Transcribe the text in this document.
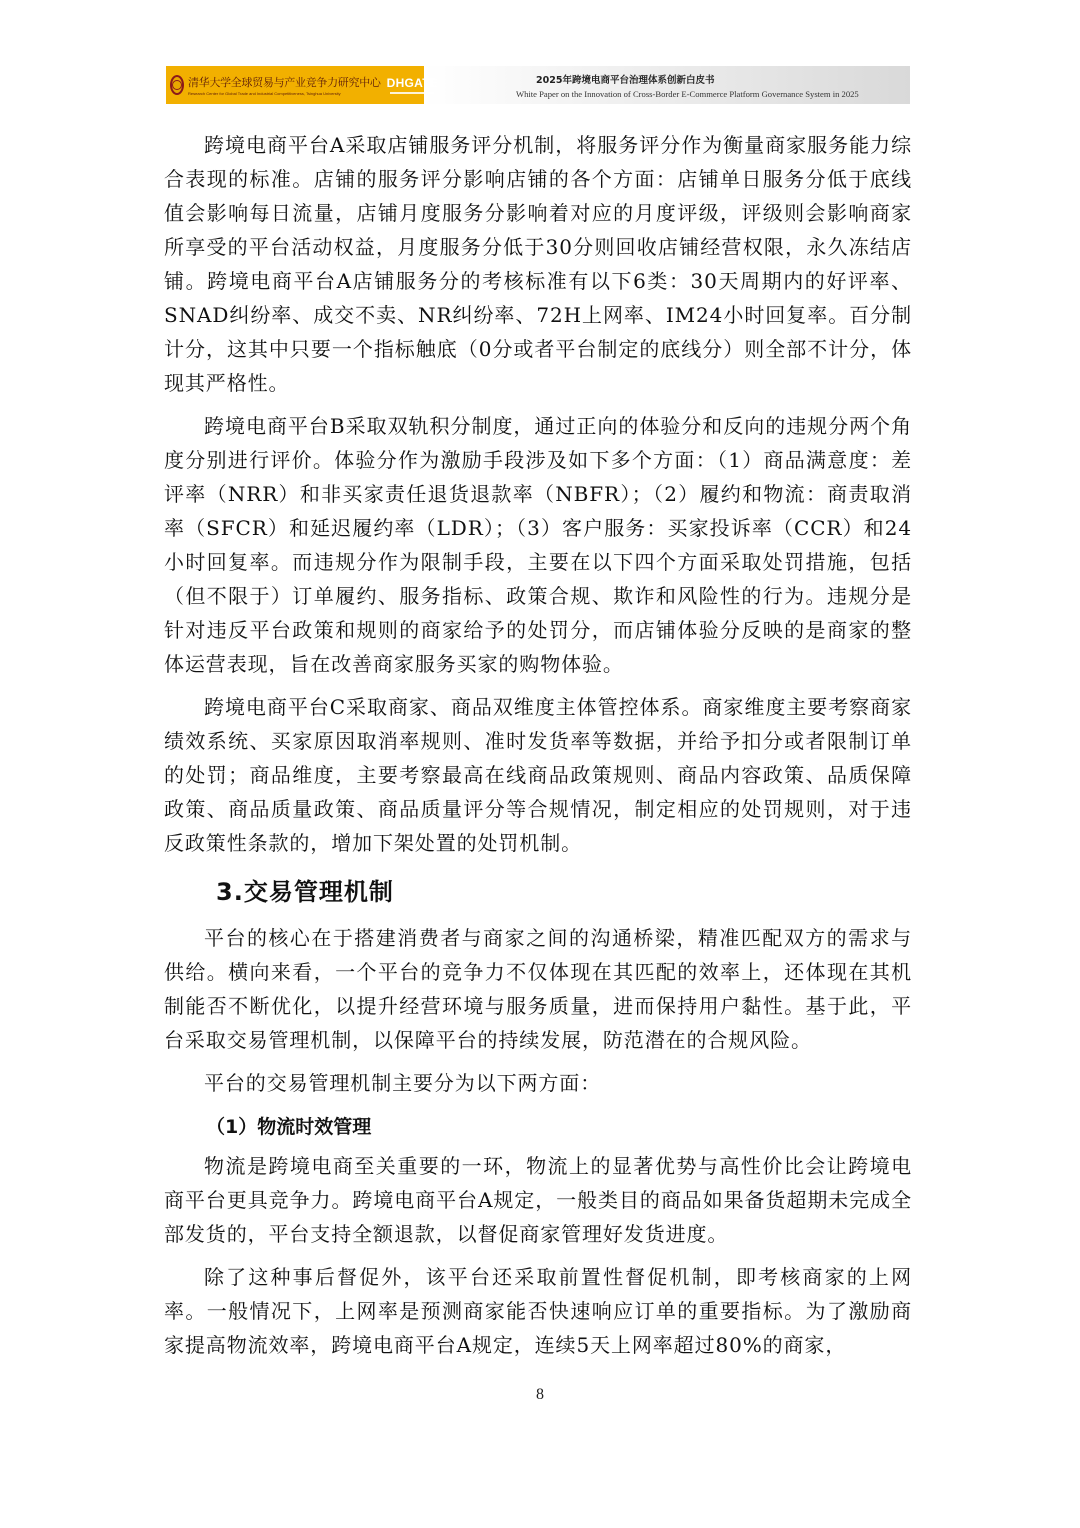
清华大学全球贸易与产业竞争力研究中心
Research Center for Global Trade and Industrial Competitiveness, Tsinghua University
DHGATE	2025年跨境电商平台治理体系创新白皮书
White Paper on the Innovation of Cross-Border E-Commerce Platform Governance System in 2025

跨境电商平台A采取店铺服务评分机制，将服务评分作为衡量商家服务能力综合表现的标准。店铺的服务评分影响店铺的各个方面：店铺单日服务分低于底线值会影响每日流量，店铺月度服务分影响着对应的月度评级，评级则会影响商家所享受的平台活动权益，月度服务分低于30分则回收店铺经营权限，永久冻结店铺。跨境电商平台A店铺服务分的考核标准有以下6类：30天周期内的好评率、SNAD纠纷率、成交不卖、NR纠纷率、72H上网率、IM24小时回复率。百分制计分，这其中只要一个指标触底（0分或者平台制定的底线分）则全部不计分，体现其严格性。

跨境电商平台B采取双轨积分制度，通过正向的体验分和反向的违规分两个角度分别进行评价。体验分作为激励手段涉及如下多个方面：（1）商品满意度：差评率（NRR）和非买家责任退货退款率（NBFR）；（2）履约和物流：商责取消率（SFCR）和延迟履约率（LDR）；（3）客户服务：买家投诉率（CCR）和24小时回复率。而违规分作为限制手段，主要在以下四个方面采取处罚措施，包括（但不限于）订单履约、服务指标、政策合规、欺诈和风险性的行为。违规分是针对违反平台政策和规则的商家给予的处罚分，而店铺体验分反映的是商家的整体运营表现，旨在改善商家服务买家的购物体验。

跨境电商平台C采取商家、商品双维度主体管控体系。商家维度主要考察商家绩效系统、买家原因取消率规则、准时发货率等数据，并给予扣分或者限制订单的处罚；商品维度，主要考察最高在线商品政策规则、商品内容政策、品质保障政策、商品质量政策、商品质量评分等合规情况，制定相应的处罚规则，对于违反政策性条款的，增加下架处置的处罚机制。

3.交易管理机制

平台的核心在于搭建消费者与商家之间的沟通桥梁，精准匹配双方的需求与供给。横向来看，一个平台的竞争力不仅体现在其匹配的效率上，还体现在其机制能否不断优化，以提升经营环境与服务质量，进而保持用户黏性。基于此，平台采取交易管理机制，以保障平台的持续发展，防范潜在的合规风险。

平台的交易管理机制主要分为以下两方面：

（1）物流时效管理

物流是跨境电商至关重要的一环，物流上的显著优势与高性价比会让跨境电商平台更具竞争力。跨境电商平台A规定，一般类目的商品如果备货超期未完成全部发货的，平台支持全额退款，以督促商家管理好发货进度。

除了这种事后督促外，该平台还采取前置性督促机制，即考核商家的上网率。一般情况下，上网率是预测商家能否快速响应订单的重要指标。为了激励商家提高物流效率，跨境电商平台A规定，连续5天上网率超过80%的商家，

8
